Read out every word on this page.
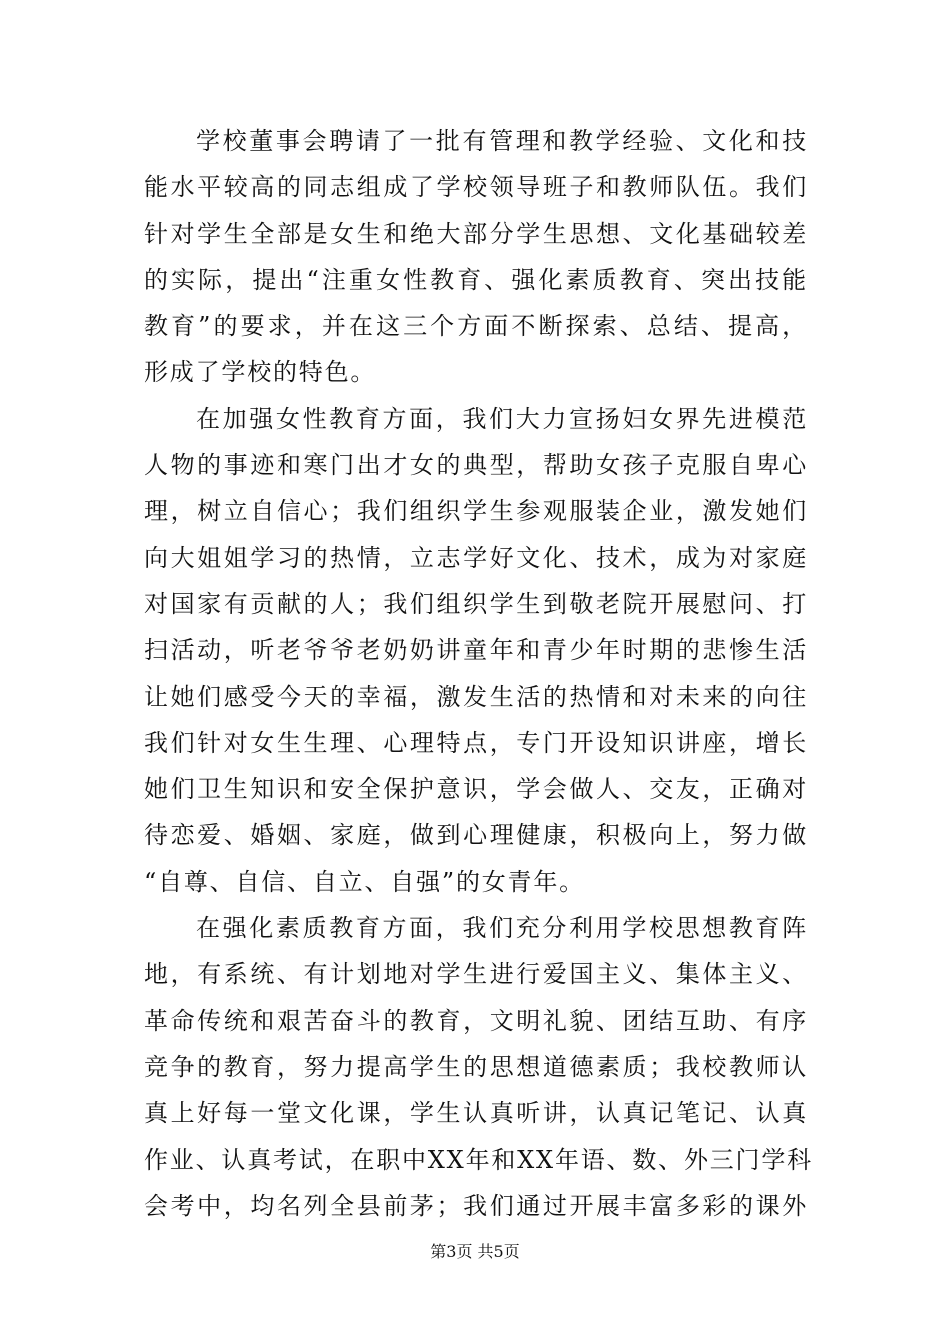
学校董事会聘请了一批有管理和教学经验、文化和技
能水平较高的同志组成了学校领导班子和教师队伍。我们
针对学生全部是女生和绝大部分学生思想、文化基础较差
的实际，提出“注重女性教育、强化素质教育、突出技能
教育”的要求，并在这三个方面不断探索、总结、提高，
形成了学校的特色。
在加强女性教育方面，我们大力宣扬妇女界先进模范
人物的事迹和寒门出才女的典型，帮助女孩子克服自卑心
理，树立自信心；我们组织学生参观服装企业，激发她们
向大姐姐学习的热情，立志学好文化、技术，成为对家庭
对国家有贡献的人；我们组织学生到敬老院开展慰问、打
扫活动，听老爷爷老奶奶讲童年和青少年时期的悲惨生活
让她们感受今天的幸福，激发生活的热情和对未来的向往
我们针对女生生理、心理特点，专门开设知识讲座，增长
她们卫生知识和安全保护意识，学会做人、交友，正确对
待恋爱、婚姻、家庭，做到心理健康，积极向上，努力做
“自尊、自信、自立、自强”的女青年。
在强化素质教育方面，我们充分利用学校思想教育阵
地，有系统、有计划地对学生进行爱国主义、集体主义、
革命传统和艰苦奋斗的教育，文明礼貌、团结互助、有序
竞争的教育，努力提高学生的思想道德素质；我校教师认
真上好每一堂文化课，学生认真听讲，认真记笔记、认真
作业、认真考试，在职中XX年和XX年语、数、外三门学科
会考中，均名列全县前茅；我们通过开展丰富多彩的课外
第3页 共5页
